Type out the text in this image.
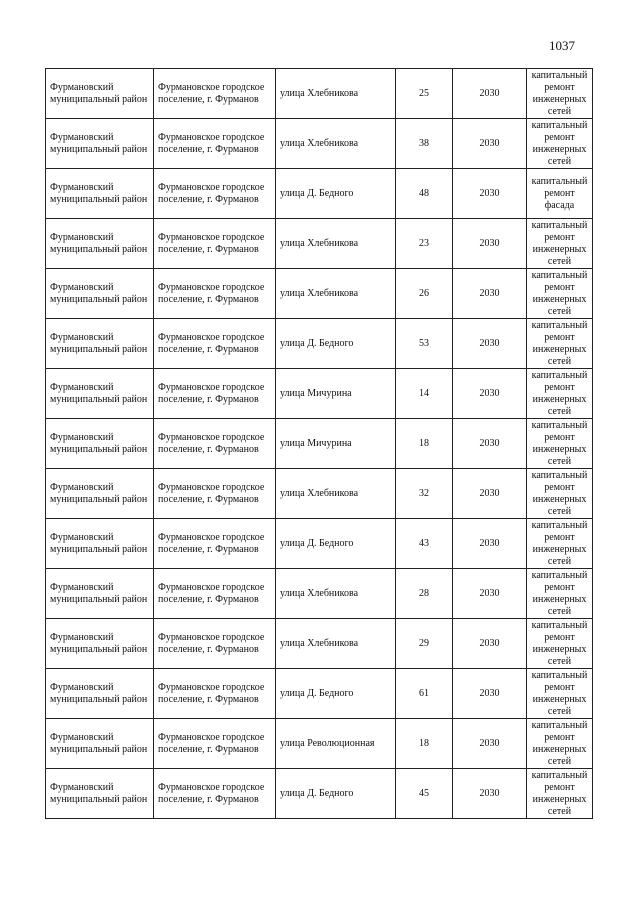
1037
Фурмановский муниципальный район	Фурмановское городское поселение, г. Фурманов	улица Хлебникова	25	2030	капитальный ремонт инженерных сетей
Фурмановский муниципальный район	Фурмановское городское поселение, г. Фурманов	улица Хлебникова	38	2030	капитальный ремонт инженерных сетей
Фурмановский муниципальный район	Фурмановское городское поселение, г. Фурманов	улица Д. Бедного	48	2030	капитальный ремонт фасада
Фурмановский муниципальный район	Фурмановское городское поселение, г. Фурманов	улица Хлебникова	23	2030	капитальный ремонт инженерных сетей
Фурмановский муниципальный район	Фурмановское городское поселение, г. Фурманов	улица Хлебникова	26	2030	капитальный ремонт инженерных сетей
Фурмановский муниципальный район	Фурмановское городское поселение, г. Фурманов	улица Д. Бедного	53	2030	капитальный ремонт инженерных сетей
Фурмановский муниципальный район	Фурмановское городское поселение, г. Фурманов	улица Мичурина	14	2030	капитальный ремонт инженерных сетей
Фурмановский муниципальный район	Фурмановское городское поселение, г. Фурманов	улица Мичурина	18	2030	капитальный ремонт инженерных сетей
Фурмановский муниципальный район	Фурмановское городское поселение, г. Фурманов	улица Хлебникова	32	2030	капитальный ремонт инженерных сетей
Фурмановский муниципальный район	Фурмановское городское поселение, г. Фурманов	улица Д. Бедного	43	2030	капитальный ремонт инженерных сетей
Фурмановский муниципальный район	Фурмановское городское поселение, г. Фурманов	улица Хлебникова	28	2030	капитальный ремонт инженерных сетей
Фурмановский муниципальный район	Фурмановское городское поселение, г. Фурманов	улица Хлебникова	29	2030	капитальный ремонт инженерных сетей
Фурмановский муниципальный район	Фурмановское городское поселение, г. Фурманов	улица Д. Бедного	61	2030	капитальный ремонт инженерных сетей
Фурмановский муниципальный район	Фурмановское городское поселение, г. Фурманов	улица Революционная	18	2030	капитальный ремонт инженерных сетей
Фурмановский муниципальный район	Фурмановское городское поселение, г. Фурманов	улица Д. Бедного	45	2030	капитальный ремонт инженерных сетей
